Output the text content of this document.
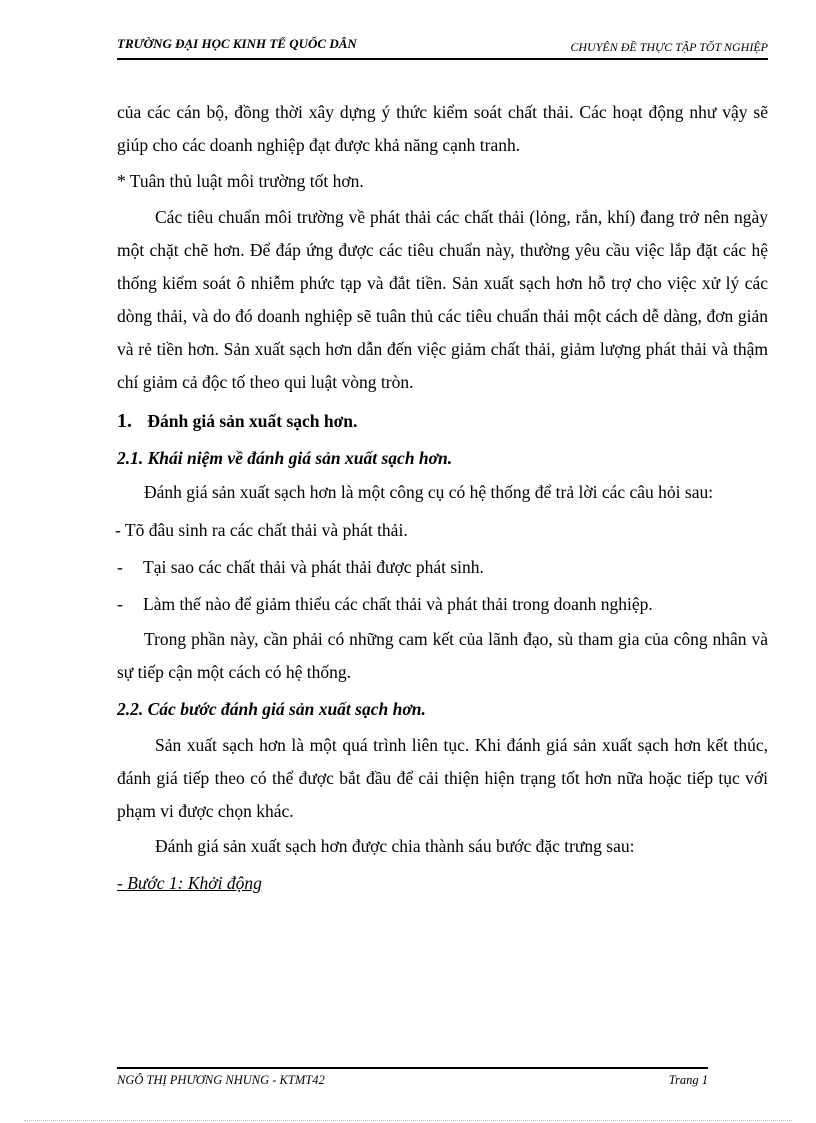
TRƯỜNG ĐẠI HỌC KINH TẾ QUỐC DÂN	CHUYÊN ĐỀ THỰC TẬP TỐT NGHIỆP

của các cán bộ, đồng thời xây dựng ý thức kiểm soát chất thải. Các hoạt động như vậy sẽ giúp cho các doanh nghiệp đạt được khả năng cạnh tranh.

* Tuân thủ luật môi trường tốt hơn.

Các tiêu chuẩn môi trường về phát thải các chất thải (lỏng, rắn, khí) đang trở nên ngày một chặt chẽ hơn. Để đáp ứng được các tiêu chuẩn này, thường yêu cầu việc lắp đặt các hệ thống kiểm soát ô nhiễm phức tạp và đắt tiền. Sản xuất sạch hơn hỗ trợ cho việc xử lý các dòng thải, và do đó doanh nghiệp sẽ tuân thủ các tiêu chuẩn thải một cách dễ dàng, đơn giản và rẻ tiền hơn. Sản xuất sạch hơn dẫn đến việc giảm chất thải, giảm lượng phát thải và thậm chí giảm cả độc tố theo qui luật vòng tròn.

1. Đánh giá sản xuất sạch hơn.

2.1. Khái niệm về đánh giá sản xuất sạch hơn.

Đánh giá sản xuất sạch hơn là một công cụ có hệ thống để trả lời các câu hỏi sau:

- Tõ đâu sinh ra các chất thải và phát thải.

- Tại sao các chất thải và phát thải được phát sinh.

- Làm thế nào để giảm thiểu các chất thải và phát thải trong doanh nghiệp.

Trong phần này, cần phải có những cam kết của lãnh đạo, sù tham gia của công nhân và sự tiếp cận một cách có hệ thống.

2.2. Các bước đánh giá sản xuất sạch hơn.

Sản xuất sạch hơn là một quá trình liên tục. Khi đánh giá sản xuất sạch hơn kết thúc, đánh giá tiếp theo có thể được bắt đầu để cải thiện hiện trạng tốt hơn nữa hoặc tiếp tục với phạm vi được chọn khác.

Đánh giá sản xuất sạch hơn được chia thành sáu bước đặc trưng sau:

- Bước 1: Khởi động

NGÔ THỊ PHƯƠNG NHUNG - KTMT42	Trang 1
